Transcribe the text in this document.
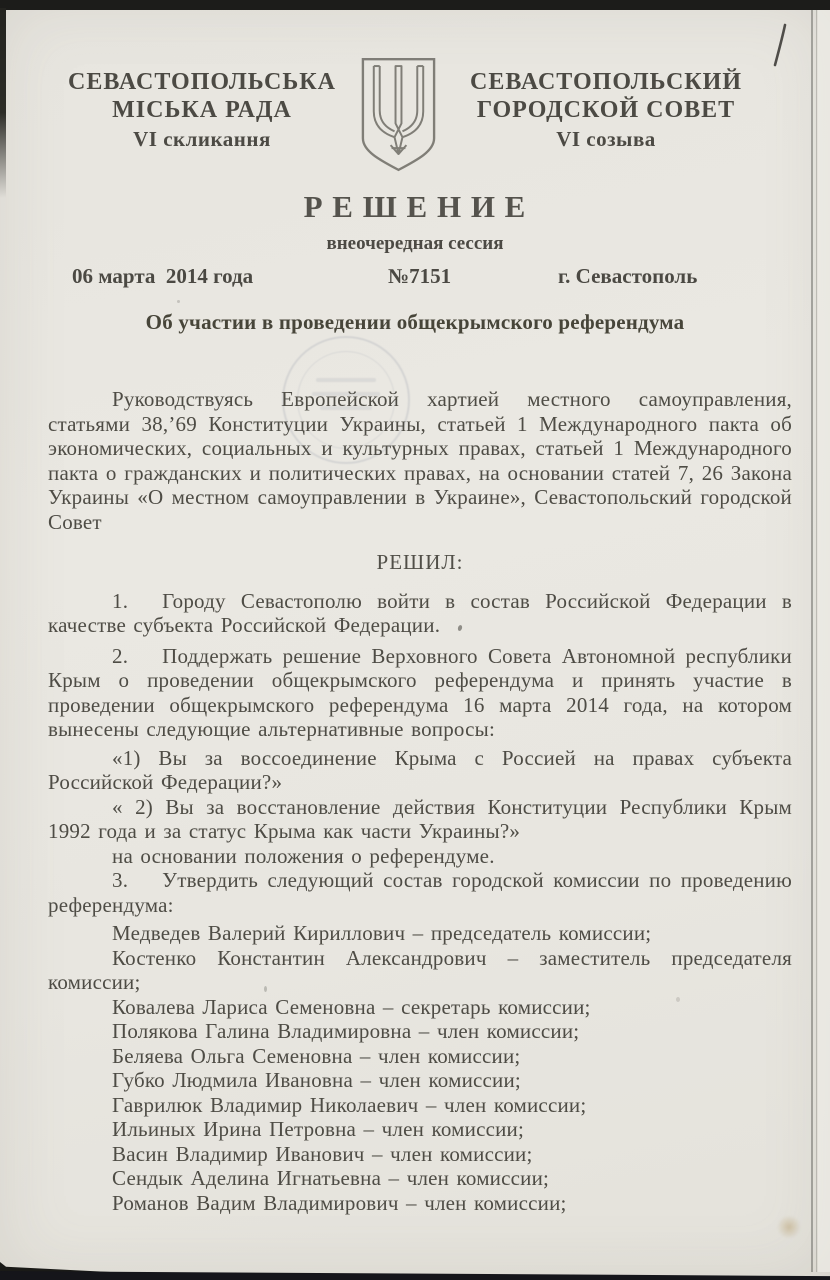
СЕВАСТОПОЛЬСЬКА
МІСЬКА РАДА
VI скликання
СЕВАСТОПОЛЬСКИЙ
ГОРОДСКОЙ СОВЕТ
VI созыва
Р Е Ш Е Н И Е
внеочередная сессия
06 марта  2014 года	№7151	г. Севастополь
Об участии в проведении общекрымского референдума

Руководствуясь Европейской хартией местного самоуправления, статьями 38,’69 Конституции Украины, статьей 1 Международного пакта об экономических, социальных и культурных правах, статьей 1 Международного пакта о гражданских и политических правах, на основании статей 7, 26 Закона Украины «О местном самоуправлении в Украине», Севастопольский городской Совет

РЕШИЛ:

1. Городу Севастополю войти в состав Российской Федерации в качестве субъекта Российской Федерации.

2. Поддержать решение Верховного Совета Автономной республики Крым о проведении общекрымского референдума и принять участие в проведении общекрымского референдума 16 марта 2014 года, на котором вынесены следующие альтернативные вопросы:

«1) Вы за воссоединение Крыма с Россией на правах субъекта Российской Федерации?»

« 2) Вы за восстановление действия Конституции Республики Крым 1992 года и за статус Крыма как части Украины?»

на основании положения о референдуме.

3. Утвердить следующий состав городской комиссии по проведению референдума:

Медведев Валерий Кириллович – председатель комиссии;

Костенко Константин Александрович – заместитель председателя комиссии;

Ковалева Лариса Семеновна – секретарь комиссии;

Полякова Галина Владимировна – член комиссии;

Беляева Ольга Семеновна – член комиссии;

Губко Людмила Ивановна – член комиссии;

Гаврилюк Владимир Николаевич – член комиссии;

Ильиных Ирина Петровна – член комиссии;

Васин Владимир Иванович – член комиссии;

Сендык Аделина Игнатьевна – член комиссии;

Романов Вадим Владимирович – член комиссии;
